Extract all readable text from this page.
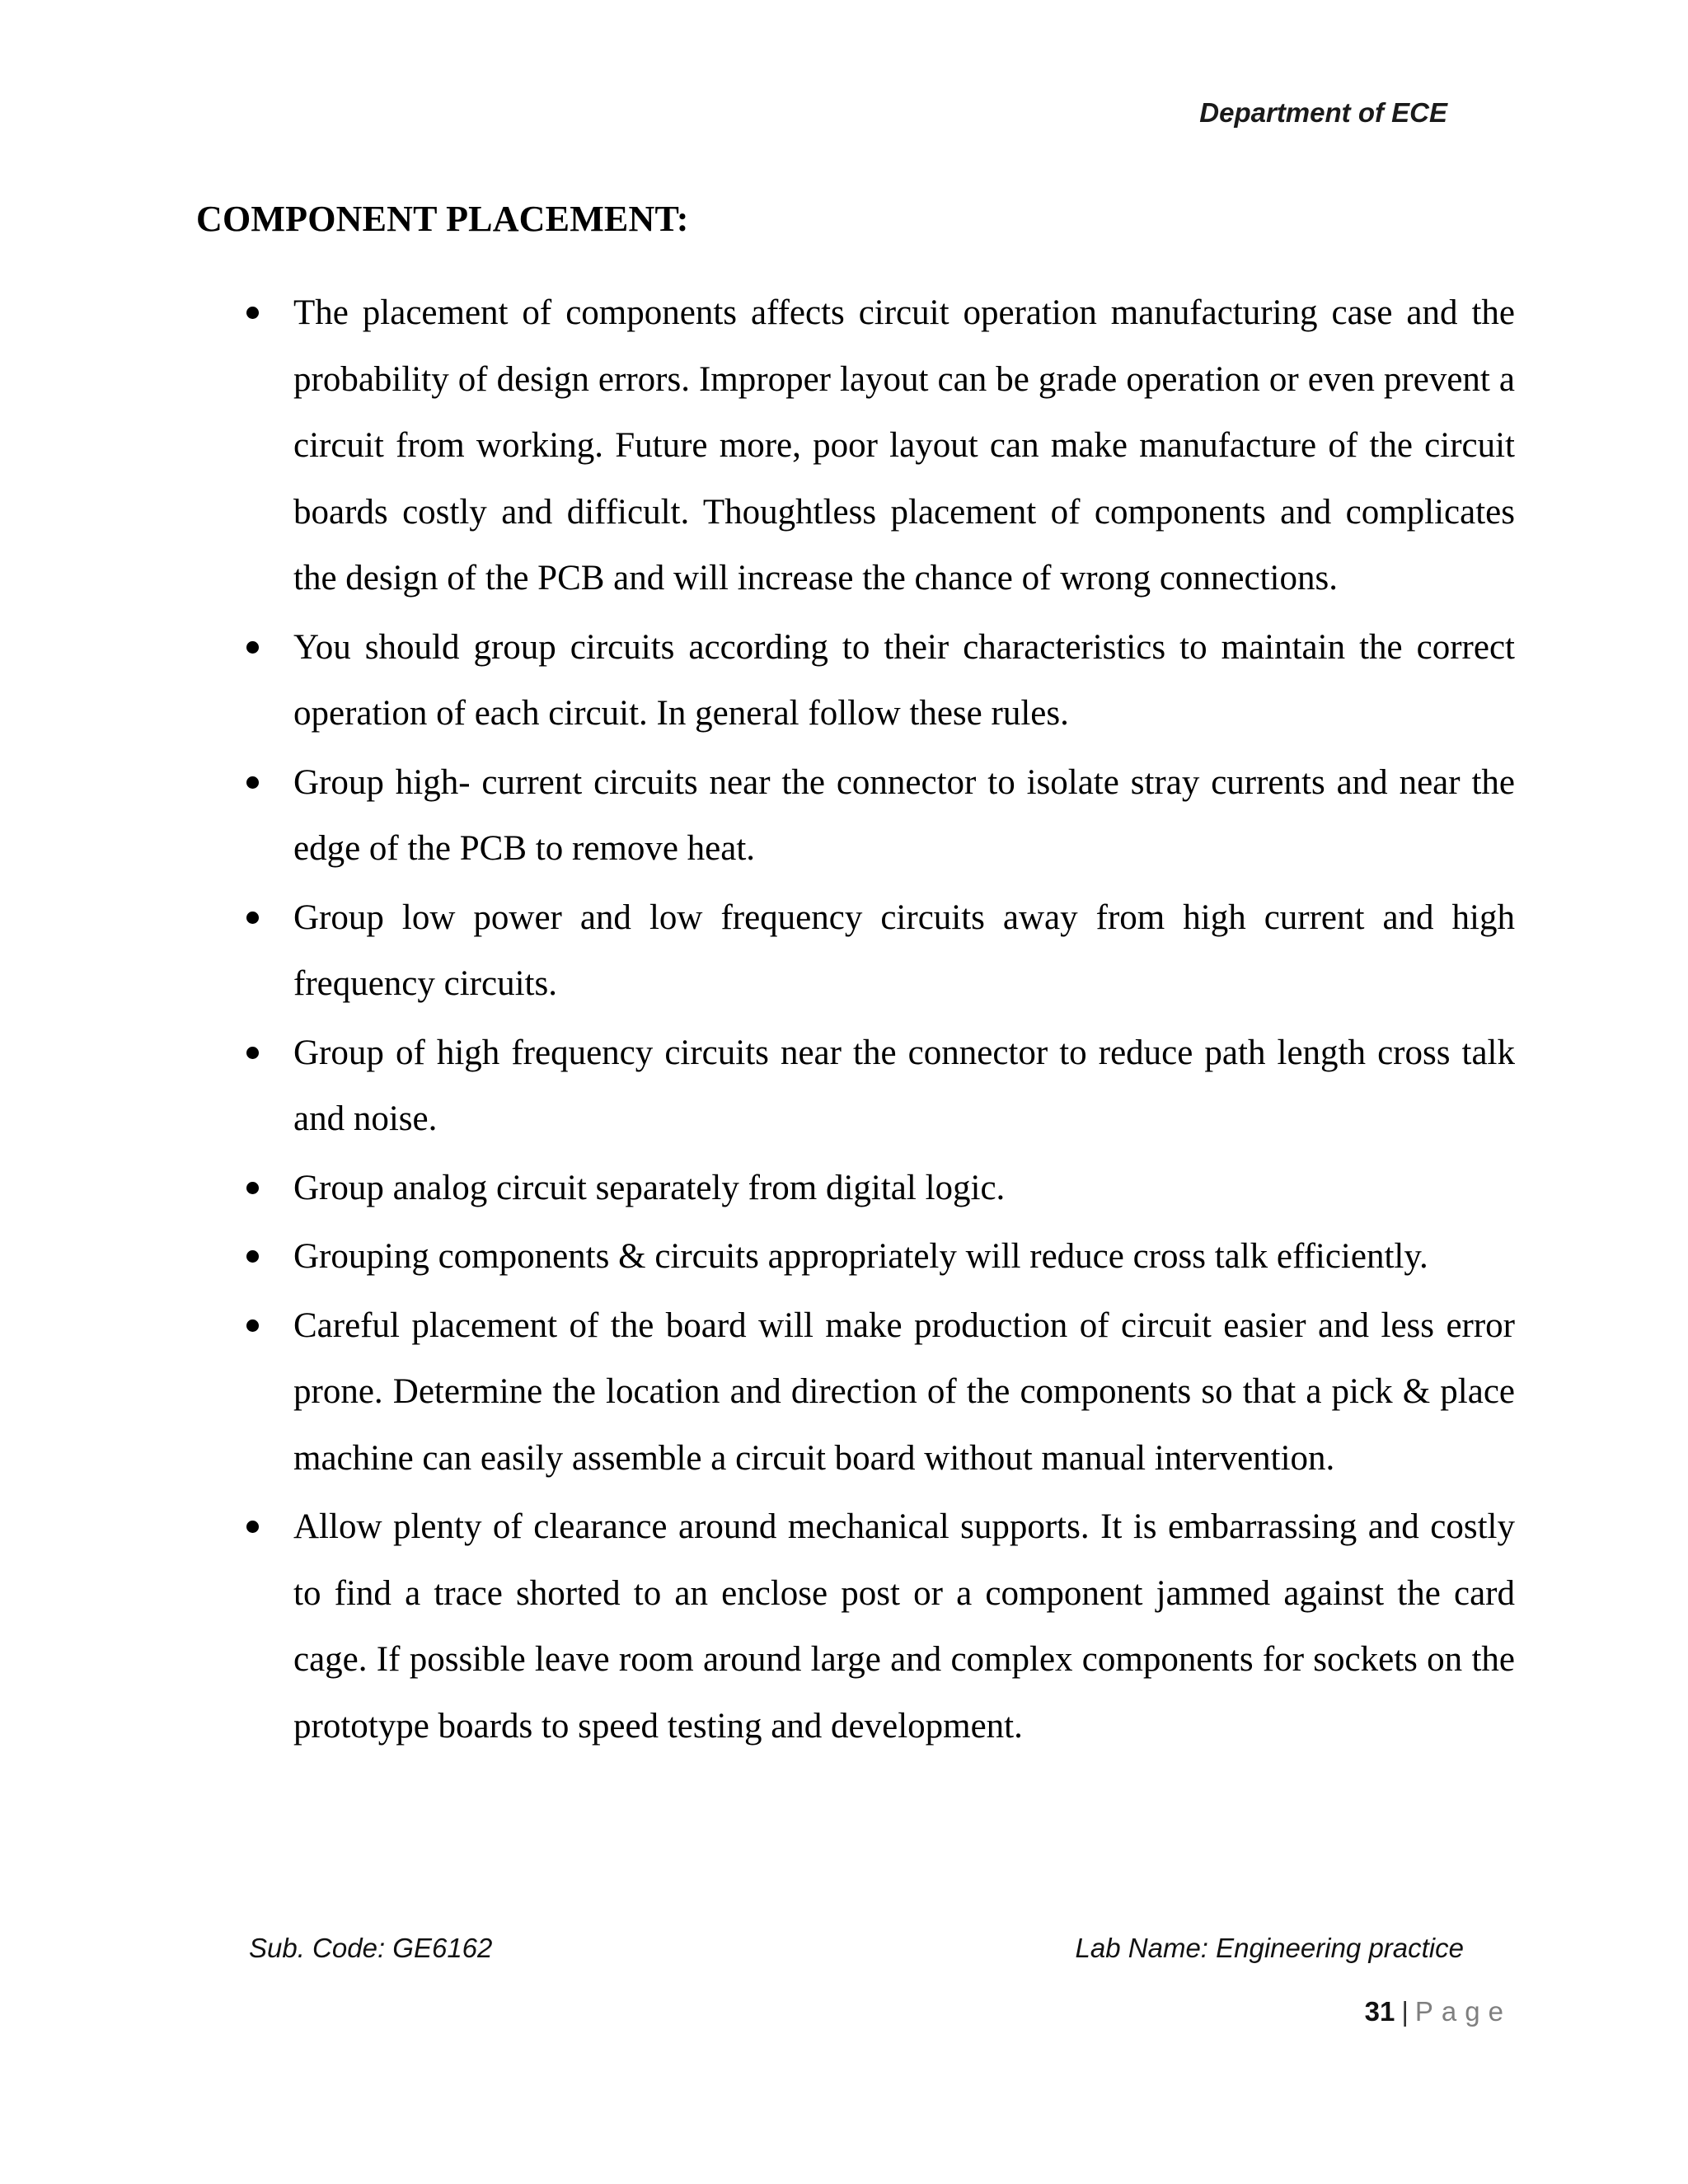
Department of ECE
COMPONENT PLACEMENT:
The placement of components affects circuit operation manufacturing case and the probability of design errors. Improper layout can be grade operation or even prevent a circuit from working. Future more, poor layout can make manufacture of the circuit boards costly and difficult. Thoughtless placement of components and complicates the design of the PCB and will increase the chance of wrong connections.
You should group circuits according to their characteristics to maintain the correct operation of each circuit. In general follow these rules.
Group high- current circuits near the connector to isolate stray currents and near the edge of the PCB to remove heat.
Group low power and low frequency circuits away from high current and high frequency circuits.
Group of high frequency circuits near the connector to reduce path length cross talk and noise.
Group analog circuit separately from digital logic.
Grouping components & circuits appropriately will reduce cross talk efficiently.
Careful placement of the board will make production of circuit easier and less error prone. Determine the location and direction of the components so that a pick & place machine can easily assemble a circuit board without manual intervention.
Allow plenty of clearance around mechanical supports. It is embarrassing and costly to find a trace shorted to an enclose post or a component jammed against the card cage. If possible leave room around large and complex components for sockets on the prototype boards to speed testing and development.
Sub. Code: GE6162	Lab Name: Engineering practice
31 | Page
